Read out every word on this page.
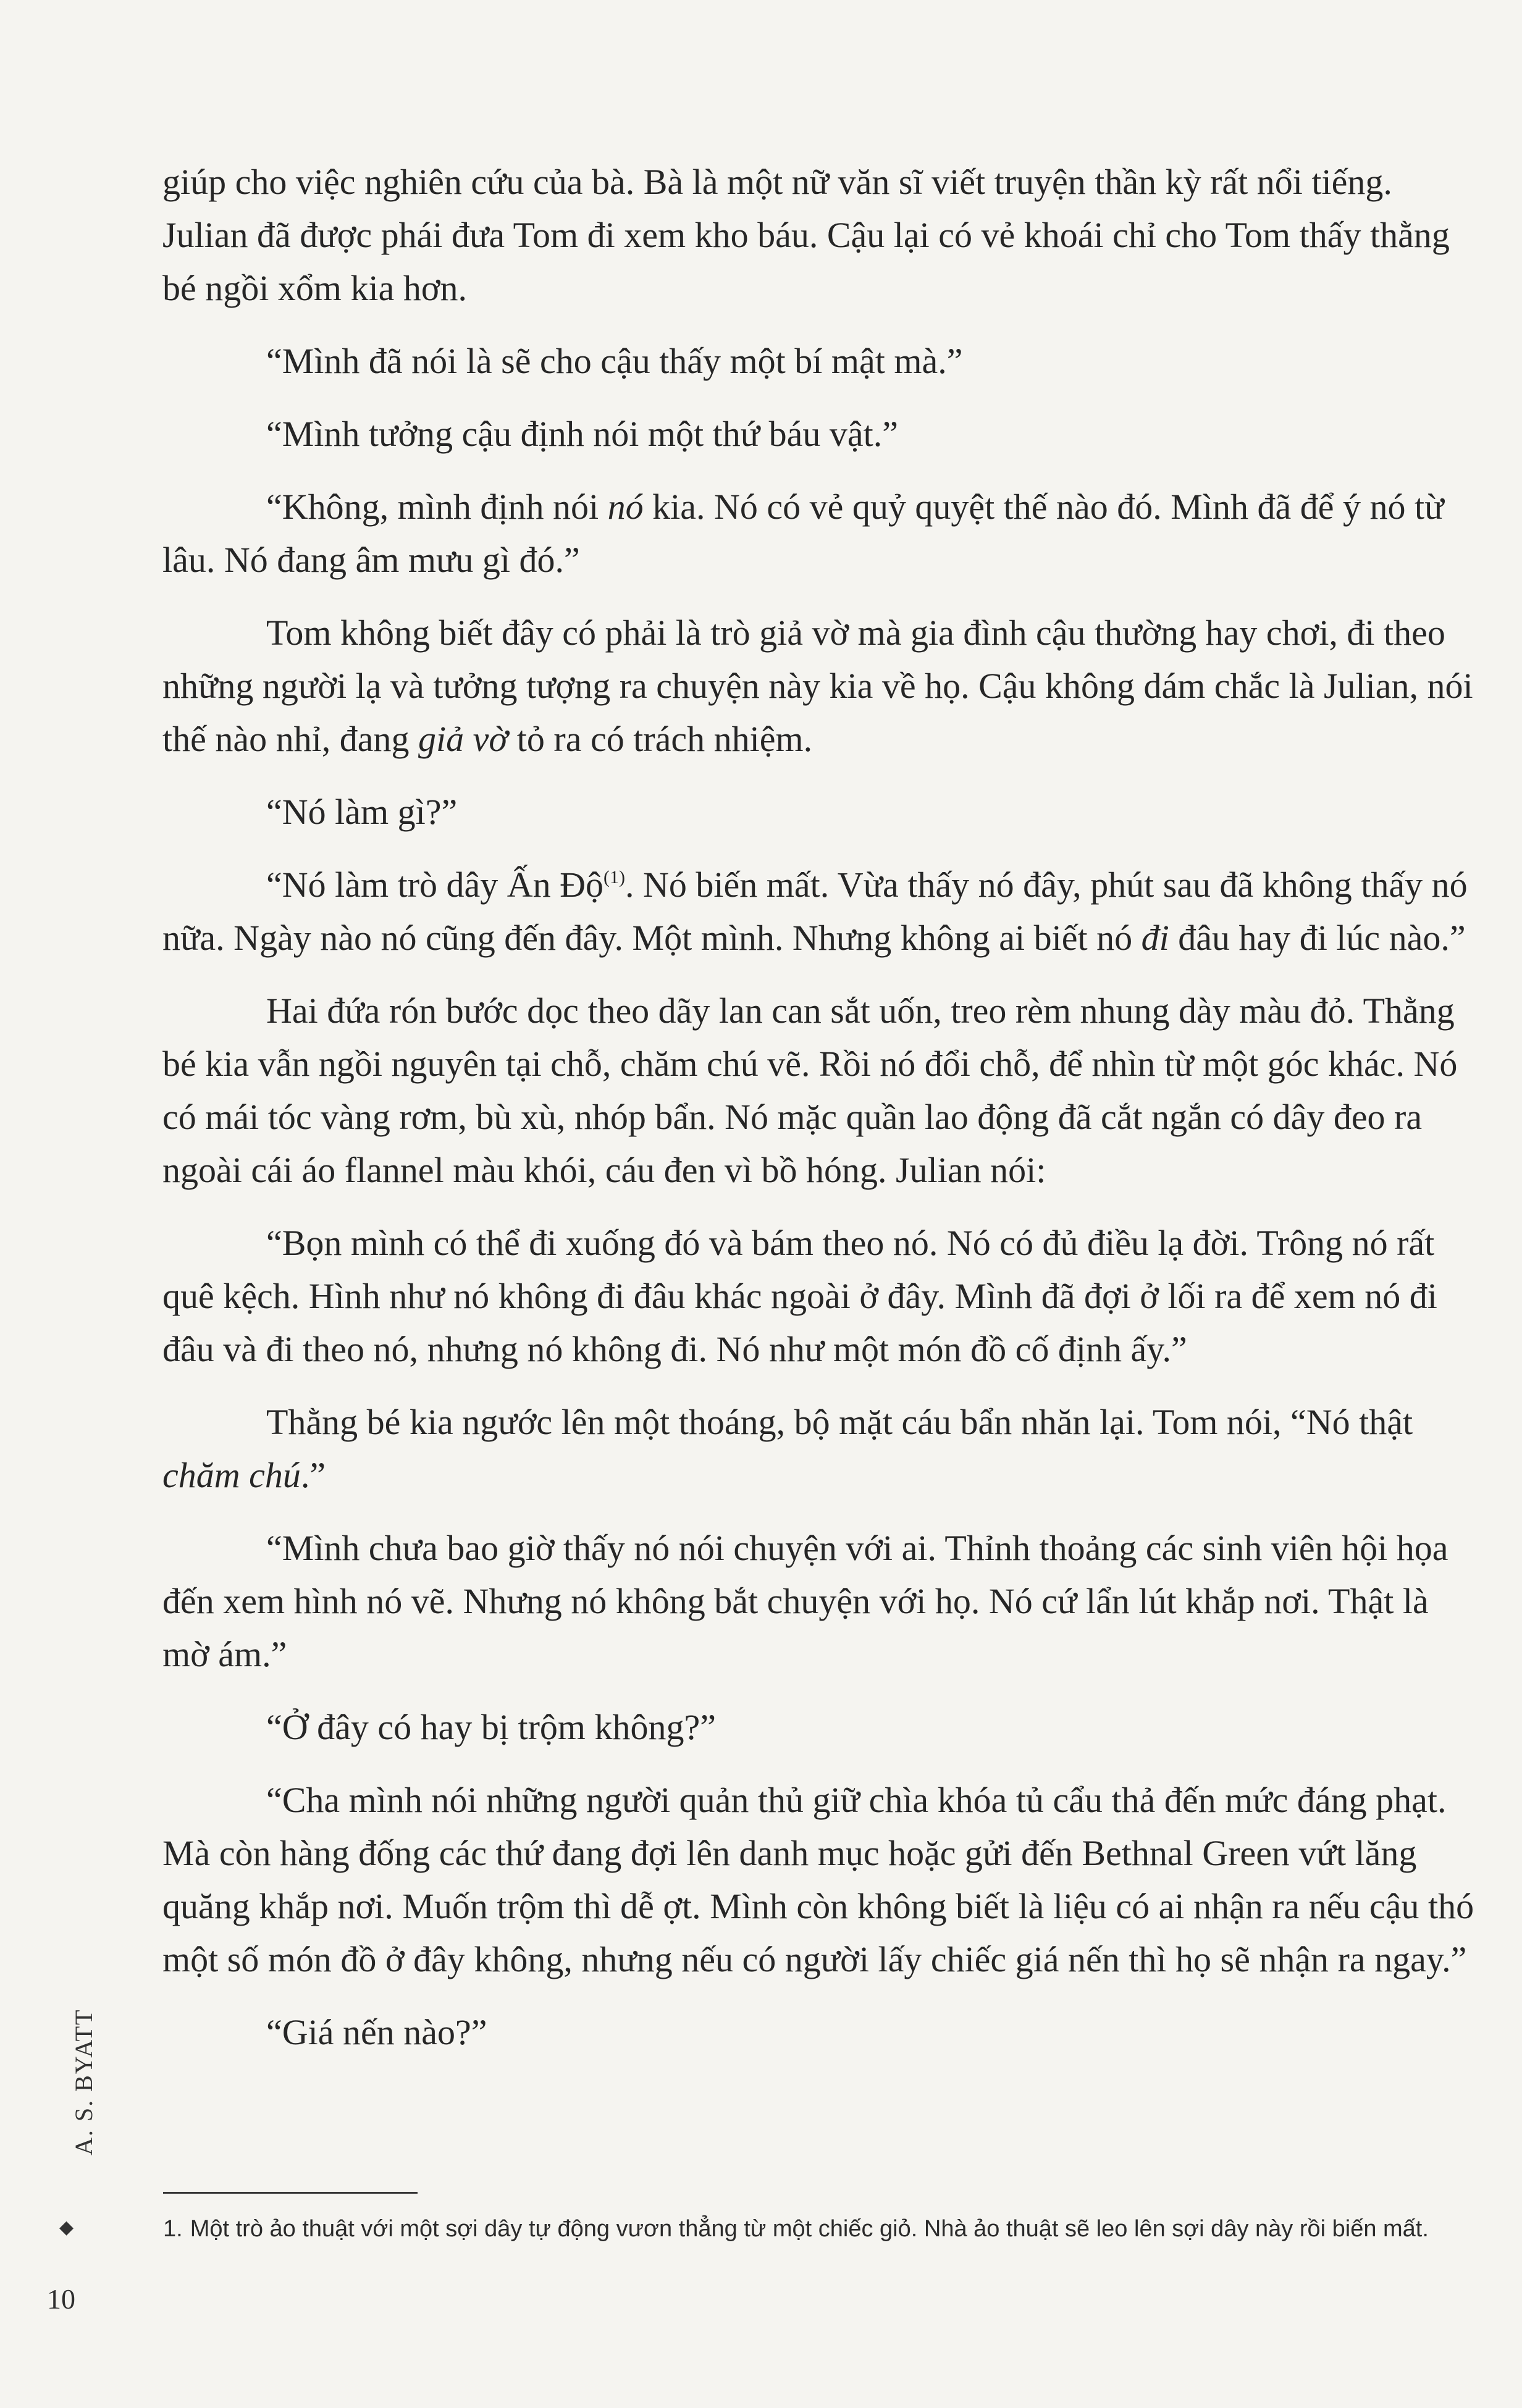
giúp cho việc nghiên cứu của bà. Bà là một nữ văn sĩ viết truyện thần kỳ rất nổi tiếng. Julian đã được phái đưa Tom đi xem kho báu. Cậu lại có vẻ khoái chỉ cho Tom thấy thằng bé ngồi xổm kia hơn.

“Mình đã nói là sẽ cho cậu thấy một bí mật mà.”

“Mình tưởng cậu định nói một thứ báu vật.”

“Không, mình định nói nó kia. Nó có vẻ quỷ quyệt thế nào đó. Mình đã để ý nó từ lâu. Nó đang âm mưu gì đó.”

Tom không biết đây có phải là trò giả vờ mà gia đình cậu thường hay chơi, đi theo những người lạ và tưởng tượng ra chuyện này kia về họ. Cậu không dám chắc là Julian, nói thế nào nhỉ, đang giả vờ tỏ ra có trách nhiệm.

“Nó làm gì?”

“Nó làm trò dây Ấn Độ$^{(1)}$. Nó biến mất. Vừa thấy nó đây, phút sau đã không thấy nó nữa. Ngày nào nó cũng đến đây. Một mình. Nhưng không ai biết nó đi đâu hay đi lúc nào.”

Hai đứa rón bước dọc theo dãy lan can sắt uốn, treo rèm nhung dày màu đỏ. Thằng bé kia vẫn ngồi nguyên tại chỗ, chăm chú vẽ. Rồi nó đổi chỗ, để nhìn từ một góc khác. Nó có mái tóc vàng rơm, bù xù, nhóp bẩn. Nó mặc quần lao động đã cắt ngắn có dây đeo ra ngoài cái áo flannel màu khói, cáu đen vì bồ hóng. Julian nói:

“Bọn mình có thể đi xuống đó và bám theo nó. Nó có đủ điều lạ đời. Trông nó rất quê kệch. Hình như nó không đi đâu khác ngoài ở đây. Mình đã đợi ở lối ra để xem nó đi đâu và đi theo nó, nhưng nó không đi. Nó như một món đồ cố định ấy.”

Thằng bé kia ngước lên một thoáng, bộ mặt cáu bẩn nhăn lại. Tom nói, “Nó thật chăm chú.”

“Mình chưa bao giờ thấy nó nói chuyện với ai. Thỉnh thoảng các sinh viên hội họa đến xem hình nó vẽ. Nhưng nó không bắt chuyện với họ. Nó cứ lẩn lút khắp nơi. Thật là mờ ám.”

“Ở đây có hay bị trộm không?”

“Cha mình nói những người quản thủ giữ chìa khóa tủ cẩu thả đến mức đáng phạt. Mà còn hàng đống các thứ đang đợi lên danh mục hoặc gửi đến Bethnal Green vứt lăng quăng khắp nơi. Muốn trộm thì dễ ợt. Mình còn không biết là liệu có ai nhận ra nếu cậu thó một số món đồ ở đây không, nhưng nếu có người lấy chiếc giá nến thì họ sẽ nhận ra ngay.”

“Giá nến nào?”

1. Một trò ảo thuật với một sợi dây tự động vươn thẳng từ một chiếc giỏ. Nhà ảo thuật sẽ leo lên sợi dây này rồi biến mất.
A. S. BYATT
◆
10
